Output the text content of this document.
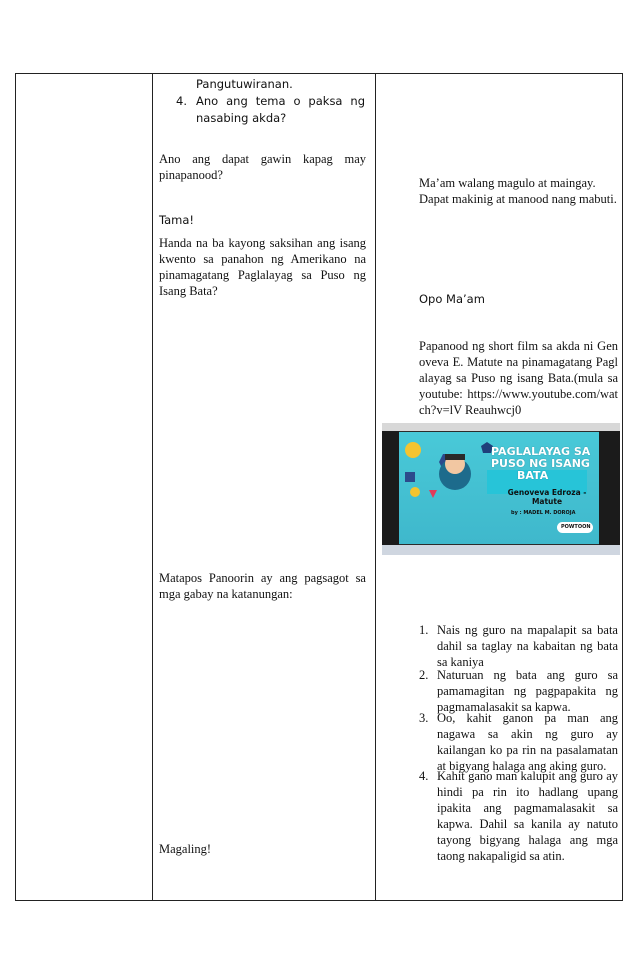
Pangutuwiranan.
4. Ano ang tema o paksa ng
nasabing akda?
Ano ang dapat gawin kapag may pinapanood?
Tama!
Handa na ba kayong saksihan ang isang kwento sa panahon ng Amerikano na pinamagatang Paglalayag sa Puso ng Isang Bata?
Matapos Panoorin ay ang pagsagot sa mga gabay na katanungan:
Magaling!
Ma’am walang magulo at maingay. Dapat makinig at manood nang mabuti.
Opo Ma’am
Papanood ng short film sa akda ni Genoveva E. Matute na pinamagatang Paglalayag sa Puso ng isang Bata.(mula sa youtube: https://www.youtube.com/watch?v=lV Reauhwcj0
PAGLALAYAG SA
PUSO NG ISANG
BATA
Genoveva Edroza - Matute
by : MADEL M. DOROJA
POWTOON
1. Nais ng guro na mapalapit sa bata dahil sa taglay na kabaitan ng bata sa kaniya
2. Naturuan ng bata ang guro sa pamamagitan ng pagpapakita ng pagmamalasakit sa kapwa.
3. Oo, kahit ganon pa man ang nagawa sa akin ng guro ay kailangan ko pa rin na pasalamatan at bigyang halaga ang aking guro.
4. Kahit gano man kalupit ang guro ay hindi pa rin ito hadlang upang ipakita ang pagmamalasakit sa kapwa. Dahil sa kanila ay natuto tayong bigyang halaga ang mga taong nakapaligid sa atin.
